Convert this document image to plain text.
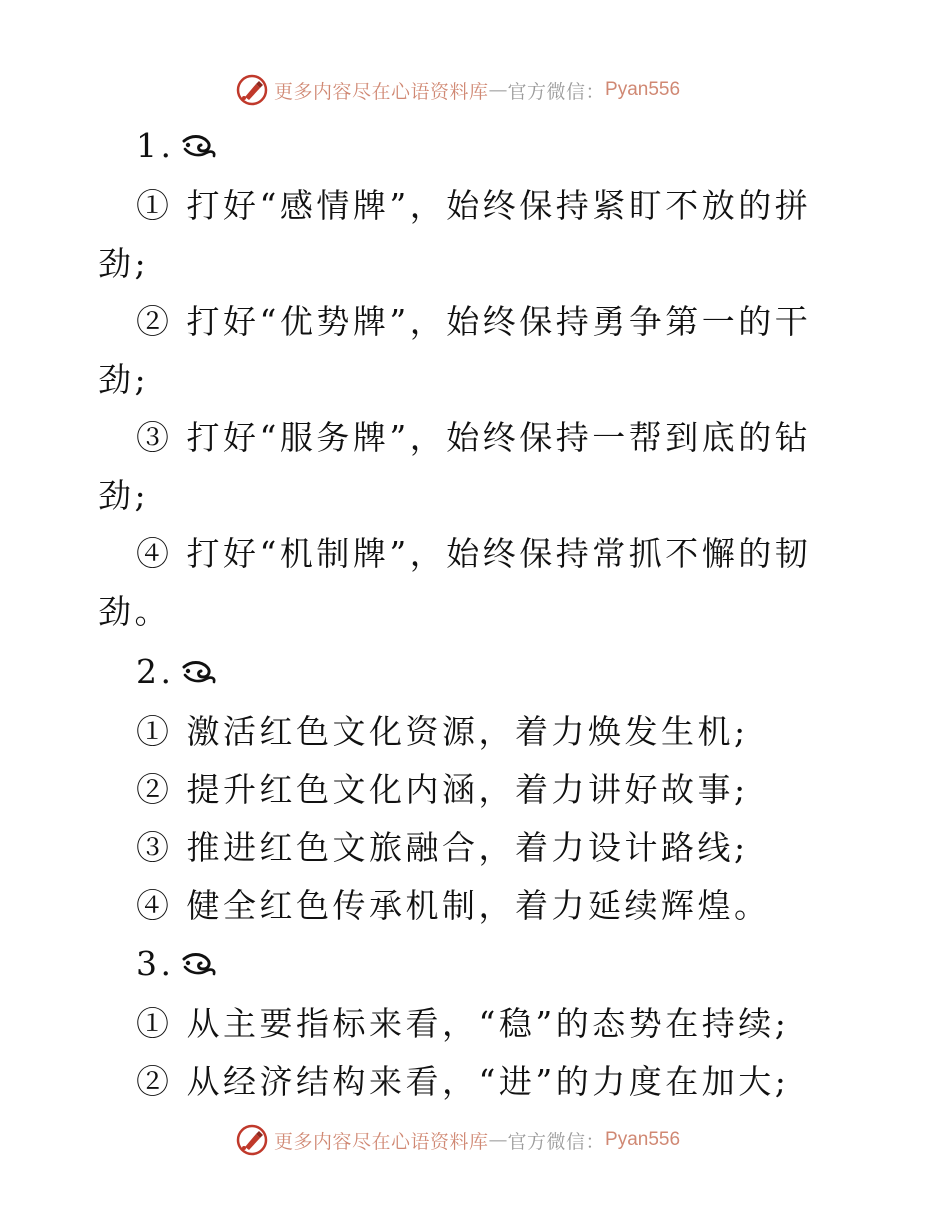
更多内容尽在心语资料库 — 官方微信： Pyan556
1.
① 打好“感情牌”，始终保持紧盯不放的拼
劲;
② 打好“优势牌”，始终保持勇争第一的干
劲;
③ 打好“服务牌”，始终保持一帮到底的钻
劲;
④ 打好“机制牌”，始终保持常抓不懈的韧
劲。
2.
① 激活红色文化资源，着力焕发生机;
② 提升红色文化内涵，着力讲好故事;
③ 推进红色文旅融合，着力设计路线;
④ 健全红色传承机制，着力延续辉煌。
3.
① 从主要指标来看，“稳”的态势在持续;
② 从经济结构来看，“进”的力度在加大;
更多内容尽在心语资料库 — 官方微信： Pyan556
